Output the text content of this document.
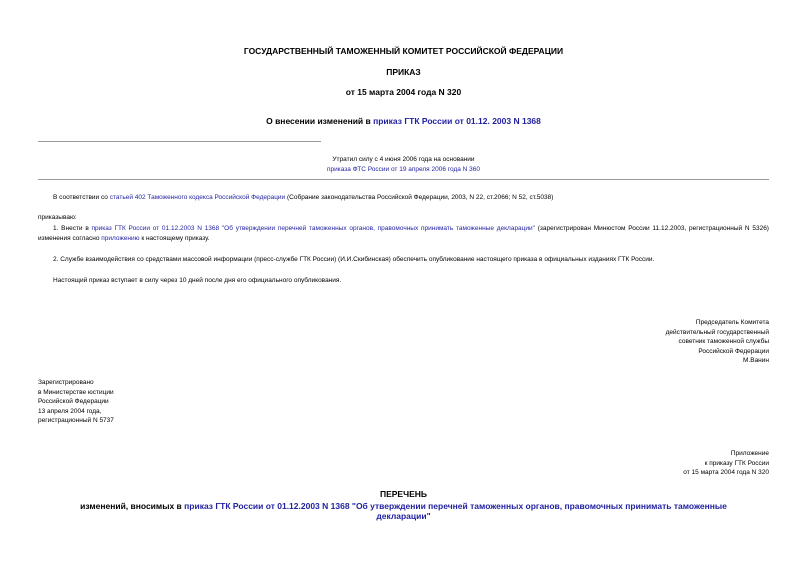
ГОСУДАРСТВЕННЫЙ ТАМОЖЕННЫЙ КОМИТЕТ РОССИЙСКОЙ ФЕДЕРАЦИИ
ПРИКАЗ
от 15 марта 2004 года N 320
О внесении изменений в приказ ГТК России от 01.12. 2003 N 1368
Утратил силу с 4 июня 2006 года на основании
приказа ФТС России от 19 апреля 2006 года N 360
В соответствии со статьей 402 Таможенного кодекса Российской Федерации (Собрание законодательства Российской Федерации, 2003, N 22, ст.2066; N 52, ст.5038)
приказываю:
1. Внести в приказ ГТК России от 01.12.2003 N 1368 "Об утверждении перечней таможенных органов, правомочных принимать таможенные декларации" (зарегистрирован Минюстом России 11.12.2003, регистрационный N 5326) изменения согласно приложению к настоящему приказу.
2. Службе взаимодействия со средствами массовой информации (пресс-службе ГТК России) (И.И.Скибинская) обеспечить опубликование настоящего приказа в официальных изданиях ГТК России.
Настоящий приказ вступает в силу через 10 дней после дня его официального опубликования.

Председатель Комитета

действительный государственный

советник таможенной службы

Российской Федерации

М.Ванин

Зарегистрировано

в Министерстве юстиции

Российской Федерации

13 апреля 2004 года,

регистрационный N 5737

Приложение

к приказу ГТК России

от 15 марта 2004 года N 320

ПЕРЕЧЕНЬ
изменений, вносимых в приказ ГТК России от 01.12.2003 N 1368 "Об утверждении перечней таможенных органов, правомочных принимать таможенные
декларации"
